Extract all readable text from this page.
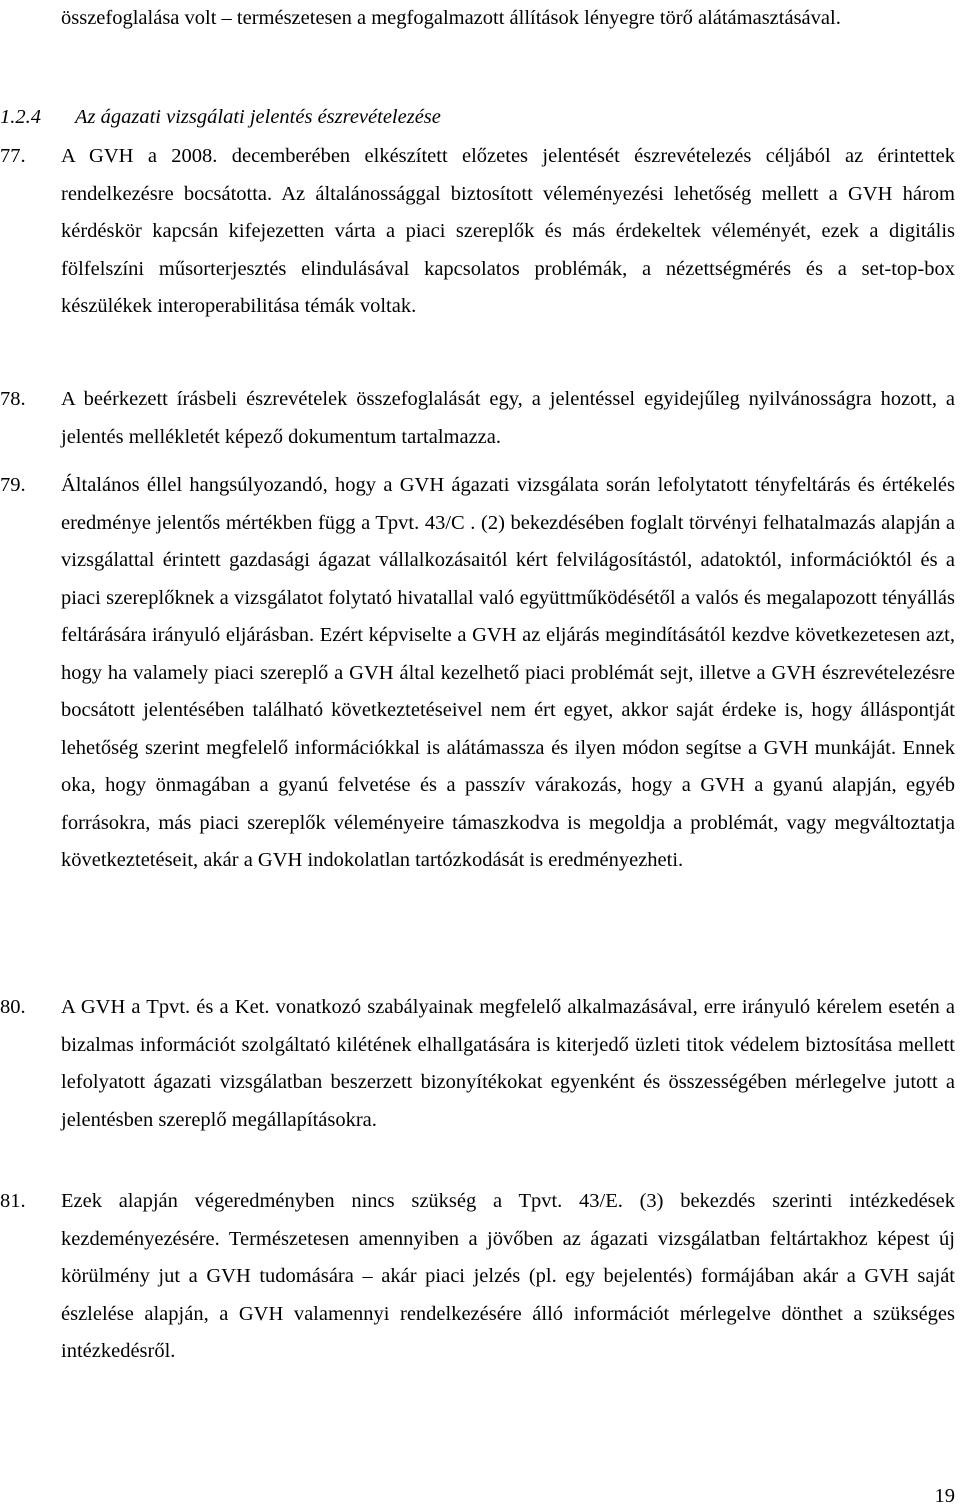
összefoglalása volt – természetesen a megfogalmazott állítások lényegre törő alátámasztásával.
1.2.4 Az ágazati vizsgálati jelentés észrevételezése
77.	A GVH a 2008. decemberében elkészített előzetes jelentését észrevételezés céljából az érintettek rendelkezésre bocsátotta. Az általánossággal biztosított véleményezési lehetőség mellett a GVH három kérdéskör kapcsán kifejezetten várta a piaci szereplők és más érdekeltek véleményét, ezek a digitális fölfelszíni műsorterjesztés elindulásával kapcsolatos problémák, a nézettségmérés és a set-top-box készülékek interoperabilitása témák voltak.
78.	A beérkezett írásbeli észrevételek összefoglalását egy, a jelentéssel egyidejűleg nyilvánosságra hozott, a jelentés mellékletét képező dokumentum tartalmazza.
79.	Általános éllel hangsúlyozandó, hogy a GVH ágazati vizsgálata során lefolytatott tényfeltárás és értékelés eredménye jelentős mértékben függ a Tpvt. 43/C . (2) bekezdésében foglalt törvényi felhatalmazás alapján a vizsgálattal érintett gazdasági ágazat vállalkozásaitól kért felvilágosítástól, adatoktól, információktól és a piaci szereplőknek a vizsgálatot folytató hivatallal való együttműködésétől a valós és megalapozott tényállás feltárására irányuló eljárásban. Ezért képviselte a GVH az eljárás megindításától kezdve következetesen azt, hogy ha valamely piaci szereplő a GVH által kezelhető piaci problémát sejt, illetve a GVH észrevételezésre bocsátott jelentésében található következtetéseivel nem ért egyet, akkor saját érdeke is, hogy álláspontját lehetőség szerint megfelelő információkkal is alátámassza és ilyen módon segítse a GVH munkáját. Ennek oka, hogy önmagában a gyanú felvetése és a passzív várakozás, hogy a GVH a gyanú alapján, egyéb forrásokra, más piaci szereplők véleményeire támaszkodva is megoldja a problémát, vagy megváltoztatja következtetéseit, akár a GVH indokolatlan tartózkodását is eredményezheti.
80.	A GVH a Tpvt. és a Ket. vonatkozó szabályainak megfelelő alkalmazásával, erre irányuló kérelem esetén a bizalmas információt szolgáltató kilétének elhallgatására is kiterjedő üzleti titok védelem biztosítása mellett lefolyatott ágazati vizsgálatban beszerzett bizonyítékokat egyenként és összességében mérlegelve jutott a jelentésben szereplő megállapításokra.
81.	Ezek alapján végeredményben nincs szükség a Tpvt. 43/E. (3) bekezdés szerinti intézkedések kezdeményezésére. Természetesen amennyiben a jövőben az ágazati vizsgálatban feltártakhoz képest új körülmény jut a GVH tudomására – akár piaci jelzés (pl. egy bejelentés) formájában akár a GVH saját észlelése alapján, a GVH valamennyi rendelkezésére álló információt mérlegelve dönthet a szükséges intézkedésről.
19
